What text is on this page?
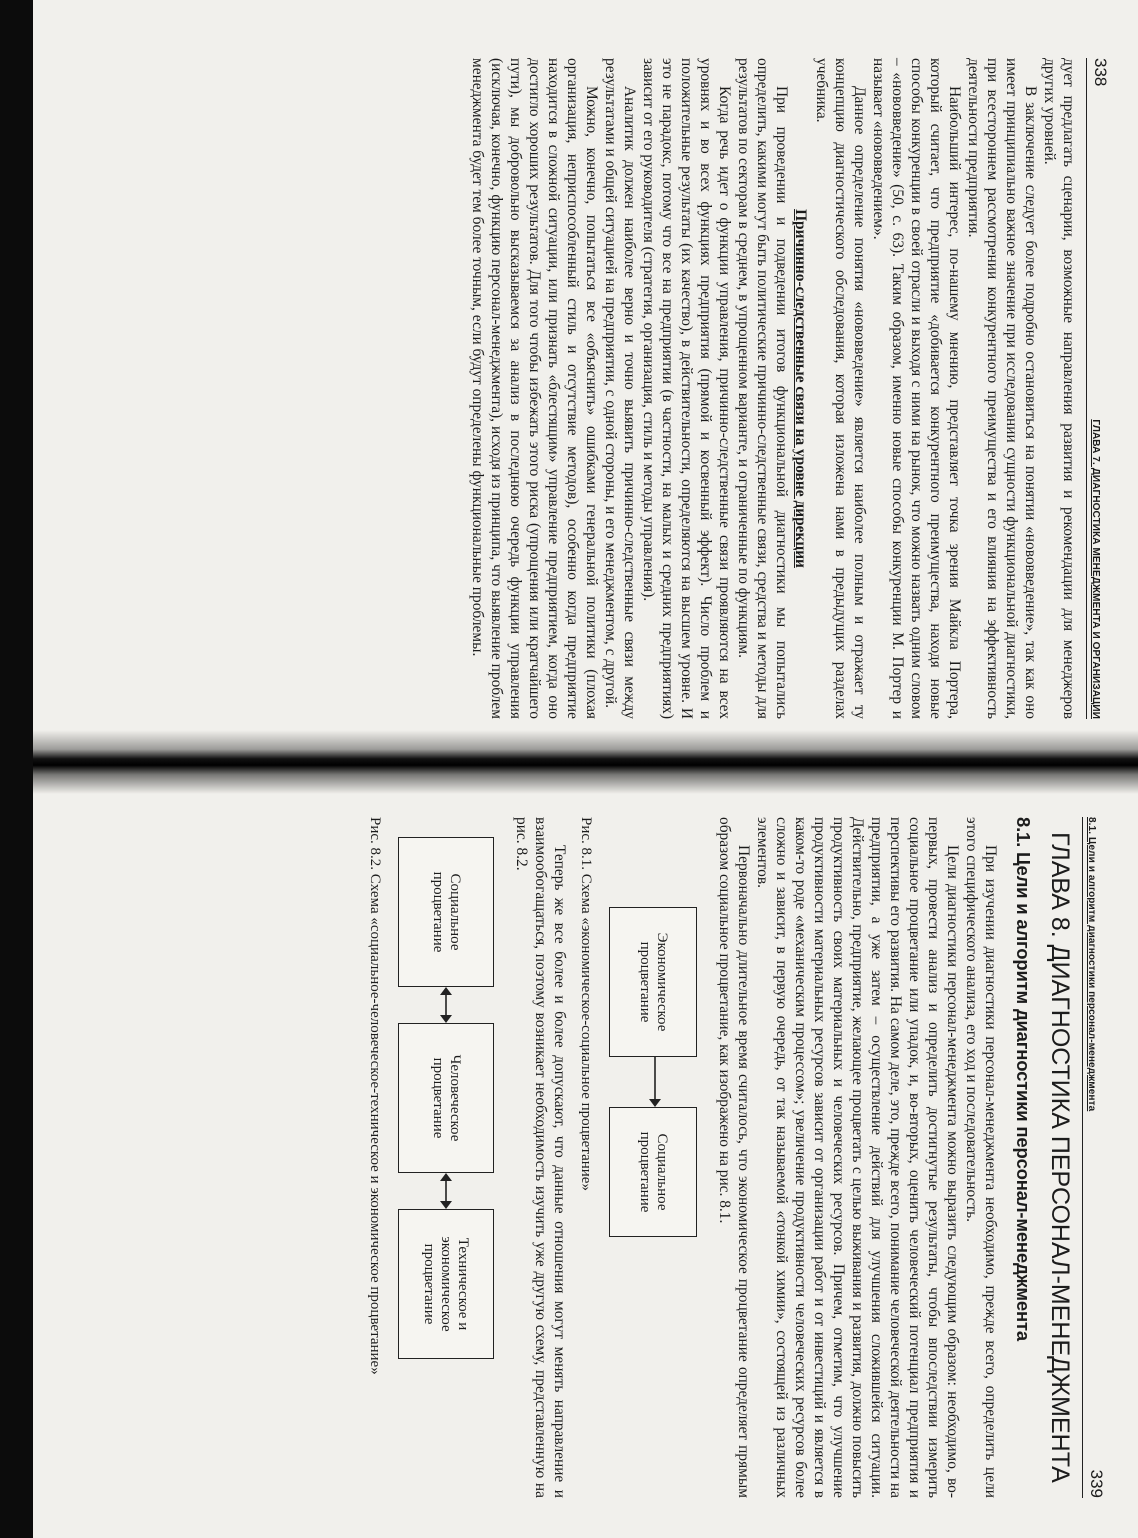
338
ГЛАВА 7. ДИАГНОСТИКА МЕНЕДЖМЕНТА И ОРГАНИЗАЦИИ

дует предлагать сценарии, возможные направления развития и рекомендации для менеджеров других уровней.

В заключение следует более подробно остановиться на понятии «нововведение», так как оно имеет принципиально важное значение при исследовании сущности функциональной диагностики, при всестороннем рассмотрении конкурентного преимущества и его влияния на эффективность деятельности предприятия.

Наибольший интерес, по-нашему мнению, представляет точка зрения Майкла Портера, который считает, что предприятие «добивается конкурентного преимущества, находя новые способы конкуренции в своей отрасли и выходя с ними на рынок, что можно назвать одним словом – «нововведение» (50, с. 63). Таким образом, именно новые способы конкуренции М. Портер и называет «нововведением».

Данное определение понятия «нововведение» является наиболее полным и отражает ту концепцию диагностического обследования, которая изложена нами в предыдущих разделах учебника.

Причинно-следственные связи на уровне дирекции

При проведении и подведении итогов функциональной диагностики мы попытались определить, какими могут быть политические причинно-следственные связи, средства и методы для результатов по секторам в среднем, в упрощенном варианте, и ограниченные по функциям.

Когда речь идет о функции управления, причинно-следственные связи проявляются на всех уровнях и во всех функциях предприятия (прямой и косвенный эффект). Число проблем и положительные результаты (их качество), в действительности, определяются на высшем уровне. И это не парадокс, потому что все на предприятии (в частности, на малых и средних предприятиях) зависит от его руководителя (стратегия, организация, стиль и методы управления).

Аналитик должен наиболее верно и точно выявить причинно-следственные связи между результатами и общей ситуацией на предприятии, с одной стороны, и его менеджментом, с другой.

Можно, конечно, попытаться все «объяснить» ошибками генеральной политики (плохая организация, неприспособленный стиль и отсутствие методов), особенно когда предприятие находится в сложной ситуации, или признать «блестящим» управление предприятием, когда оно достигло хороших результатов. Для того чтобы избежать этого риска (упрощения или кратчайшего пути), мы добровольно высказываемся за анализ в последнюю очередь функции управления (исключая, конечно, функцию персонал-менеджмента), исходя из принципа, что выявление проблем менеджмента будет тем более точным, если будут определены функциональные проблемы.

8.1. Цели и алгоритм диагностики персонал-менеджмента
339
ГЛАВА 8. ДИАГНОСТИКА ПЕРСОНАЛ-МЕНЕДЖМЕНТА
8.1. Цели и алгоритм диагностики персонал-менеджмента

При изучении диагностики персонал-менеджмента необходимо, прежде всего, определить цели этого специфического анализа, его ход и последовательность.

Цели диагностики персонал-менеджмента можно выразить следующим образом: необходимо, во-первых, провести анализ и определить достигнутые результаты, чтобы впоследствии измерить социальное процветание или упадок, и, во-вторых, оценить человеческий потенциал предприятия и перспективы его развития. На самом деле, это, прежде всего, понимание человеческой деятельности на предприятии, а уже затем – осуществление действий для улучшения сложившейся ситуации. Действительно, предприятие, желающее процветать с целью выживания и развития, должно повысить продуктивность своих материальных и человеческих ресурсов. Причем, отметим, что улучшение продуктивности материальных ресурсов зависит от организации работ и от инвестиций и является в каком-то роде «механическим процессом»; увеличение продуктивности человеческих ресурсов более сложно и зависит, в первую очередь, от так называемой «тонкой химии», состоящей из различных элементов.

Первоначально длительное время считалось, что экономическое процветание определяет прямым образом социальное процветание, как изображено на рис. 8.1.

Экономическое процветание
Социальное процветание

Рис. 8.1. Схема «экономическое-социальное процветание»

Теперь же все более и более допускают, что данные отношения могут менять направление и взаимообогащаться, поэтому возникает необходимость изучить уже другую схему, представленную на рис. 8.2.

Социальное процветание
Человеческое процветание
Техническое и экономическое процветание

Рис. 8.2. Схема «социальное-человеческое-техническое и экономическое процветание»
